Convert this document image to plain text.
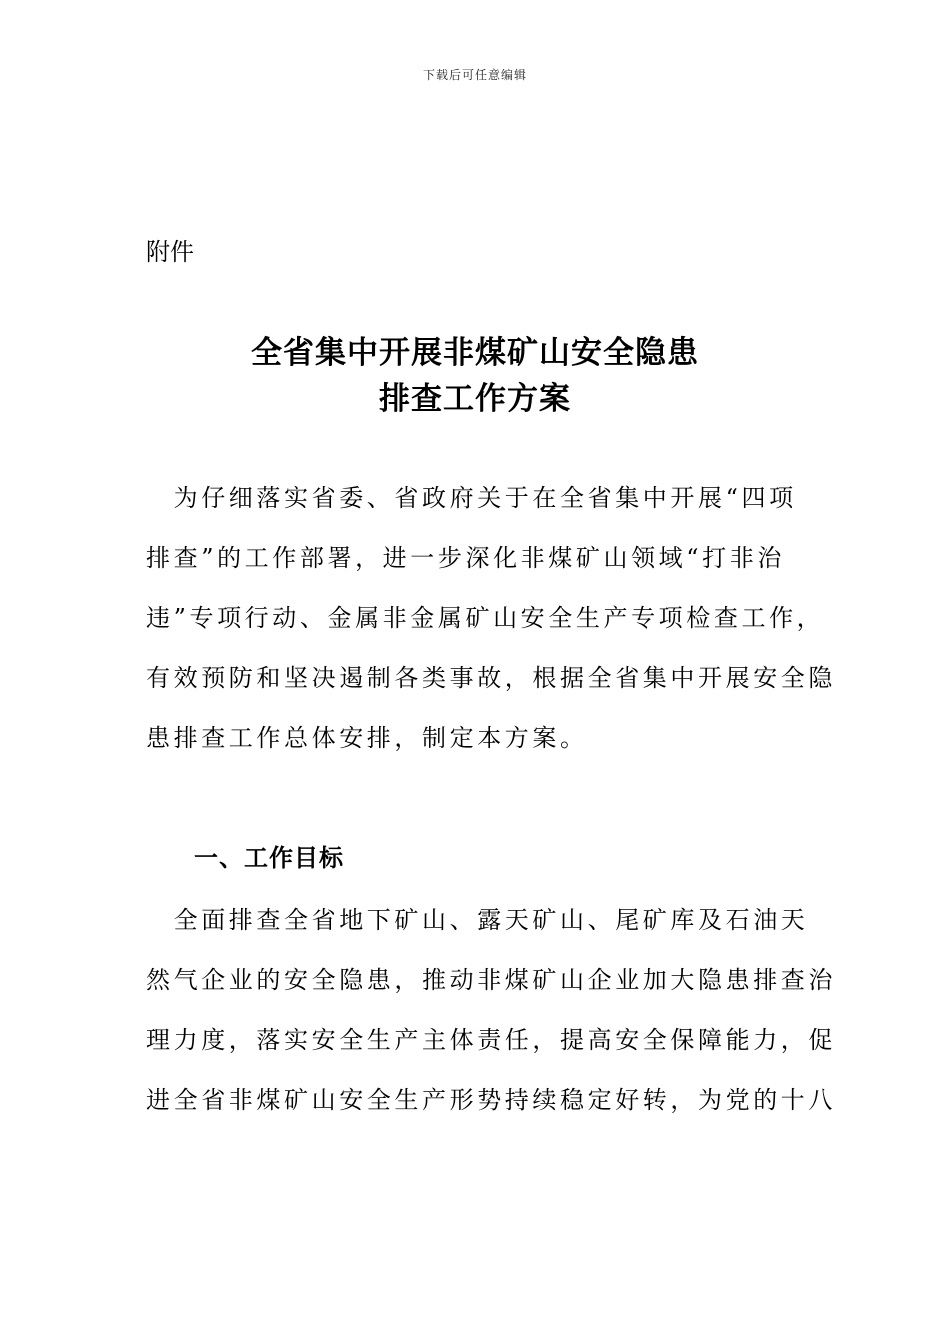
下载后可任意编辑
附件
全省集中开展非煤矿山安全隐患
排查工作方案
　为仔细落实省委、省政府关于在全省集中开展“四项
排查”的工作部署，进一步深化非煤矿山领域“打非治
违”专项行动、金属非金属矿山安全生产专项检查工作，
有效预防和坚决遏制各类事故，根据全省集中开展安全隐
患排查工作总体安排，制定本方案。
一、工作目标
　全面排查全省地下矿山、露天矿山、尾矿库及石油天
然气企业的安全隐患，推动非煤矿山企业加大隐患排查治
理力度，落实安全生产主体责任，提高安全保障能力，促
进全省非煤矿山安全生产形势持续稳定好转，为党的十八
